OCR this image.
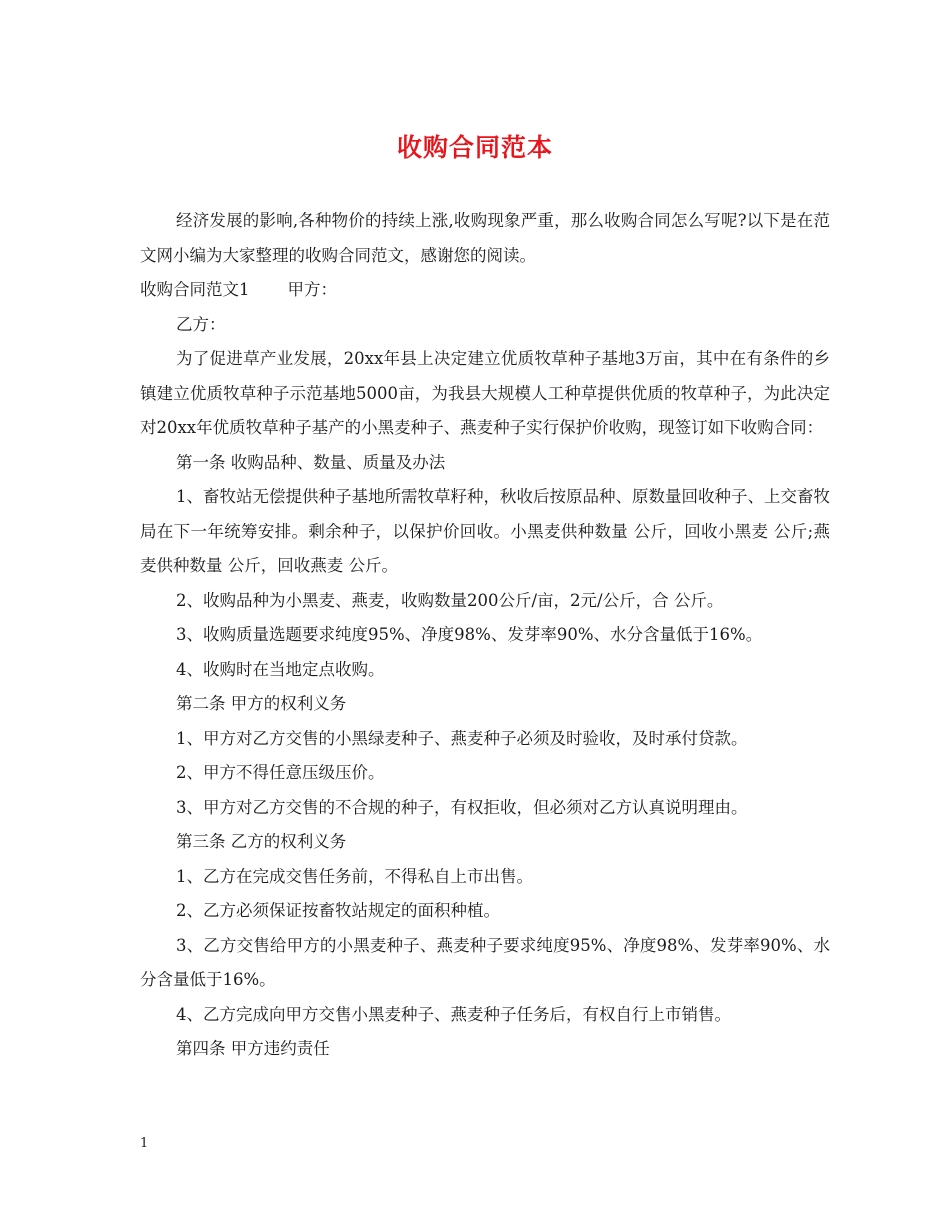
收购合同范本

经济发展的影响,各种物价的持续上涨,收购现象严重，那么收购合同怎么写呢?以下是在范文网小编为大家整理的收购合同范文，感谢您的阅读。

收购合同范文1 甲方：

乙方：

为了促进草产业发展，20xx年县上决定建立优质牧草种子基地3万亩，其中在有条件的乡镇建立优质牧草种子示范基地5000亩，为我县大规模人工种草提供优质的牧草种子，为此决定对20xx年优质牧草种子基产的小黑麦种子、燕麦种子实行保护价收购，现签订如下收购合同：

第一条 收购品种、数量、质量及办法

1、畜牧站无偿提供种子基地所需牧草籽种，秋收后按原品种、原数量回收种子、上交畜牧局在下一年统筹安排。剩余种子，以保护价回收。小黑麦供种数量 公斤，回收小黑麦 公斤;燕麦供种数量 公斤，回收燕麦 公斤。

2、收购品种为小黑麦、燕麦，收购数量200公斤/亩，2元/公斤，合 公斤。

3、收购质量选题要求纯度95%、净度98%、发芽率90%、水分含量低于16%。

4、收购时在当地定点收购。

第二条 甲方的权利义务

1、甲方对乙方交售的小黑绿麦种子、燕麦种子必须及时验收，及时承付贷款。

2、甲方不得任意压级压价。

3、甲方对乙方交售的不合规的种子，有权拒收，但必须对乙方认真说明理由。

第三条 乙方的权利义务

1、乙方在完成交售任务前，不得私自上市出售。

2、乙方必须保证按畜牧站规定的面积种植。

3、乙方交售给甲方的小黑麦种子、燕麦种子要求纯度95%、净度98%、发芽率90%、水分含量低于16%。

4、乙方完成向甲方交售小黑麦种子、燕麦种子任务后，有权自行上市销售。

第四条 甲方违约责任

1
